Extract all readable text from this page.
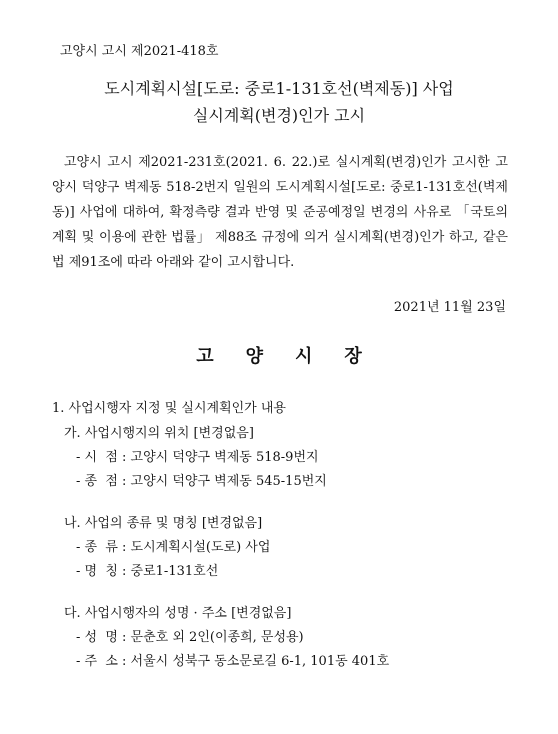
고양시 고시 제2021-418호
도시계획시설[도로: 중로1-131호선(벽제동)] 사업
실시계획(변경)인가 고시
고양시 고시 제2021-231호(2021. 6. 22.)로 실시계획(변경)인가 고시한 고양시 덕양구 벽제동 518-2번지 일원의 도시계획시설[도로: 중로1-131호선(벽제동)] 사업에 대하여, 확정측량 결과 반영 및 준공예정일 변경의 사유로 「국토의 계획 및 이용에 관한 법률」 제88조 규정에 의거 실시계획(변경)인가 하고, 같은 법 제91조에 따라 아래와 같이 고시합니다.
2021년 11월 23일
고양시장
1. 사업시행자 지정 및 실시계획인가 내용
가. 사업시행지의 위치 [변경없음]
- 시  점 : 고양시 덕양구 벽제동 518-9번지
- 종  점 : 고양시 덕양구 벽제동 545-15번지
나. 사업의 종류 및 명칭 [변경없음]
- 종  류 : 도시계획시설(도로) 사업
- 명  칭 : 중로1-131호선
다. 사업시행자의 성명 · 주소 [변경없음]
- 성  명 : 문춘호 외 2인(이종희, 문성용)
- 주  소 : 서울시 성북구 동소문로길 6-1, 101동 401호
